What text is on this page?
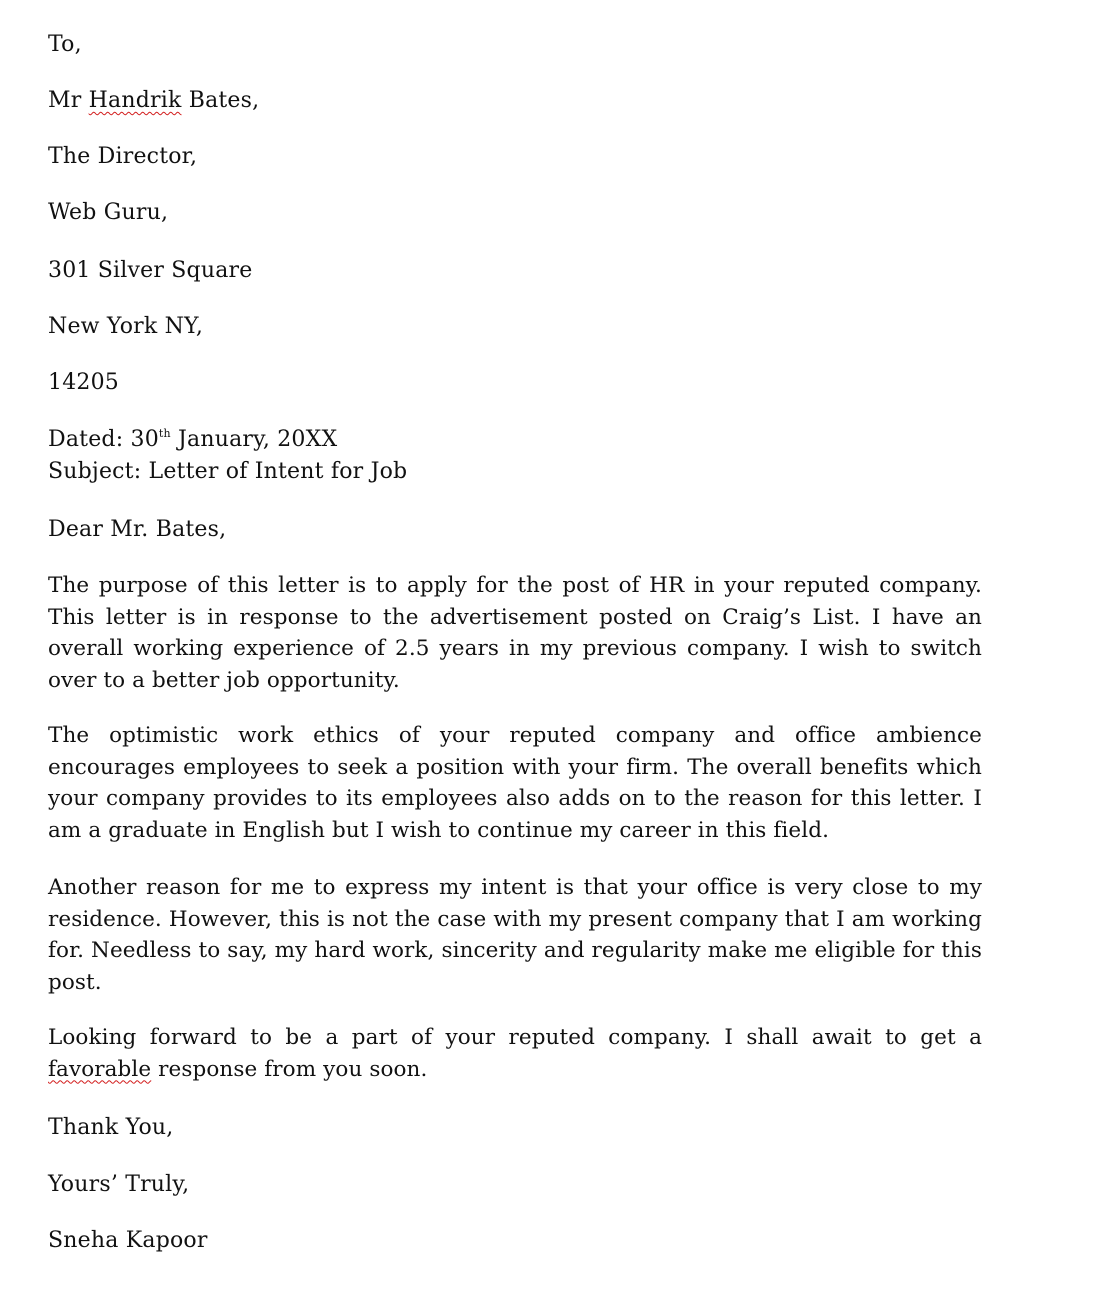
To,
Mr Handrik Bates,
The Director,
Web Guru,
301 Silver Square
New York NY,
14205
Dated: 30th January, 20XX
Subject: Letter of Intent for Job
Dear Mr. Bates,
The purpose of this letter is to apply for the post of HR in your reputed company. This letter is in response to the advertisement posted on Craig’s List. I have an overall working experience of 2.5 years in my previous company. I wish to switch over to a better job opportunity.
The optimistic work ethics of your reputed company and office ambience encourages employees to seek a position with your firm. The overall benefits which your company provides to its employees also adds on to the reason for this letter. I am a graduate in English but I wish to continue my career in this field.
Another reason for me to express my intent is that your office is very close to my residence. However, this is not the case with my present company that I am working for. Needless to say, my hard work, sincerity and regularity make me eligible for this post.
Looking forward to be a part of your reputed company. I shall await to get a favorable response from you soon.
Thank You,
Yours’ Truly,
Sneha Kapoor
